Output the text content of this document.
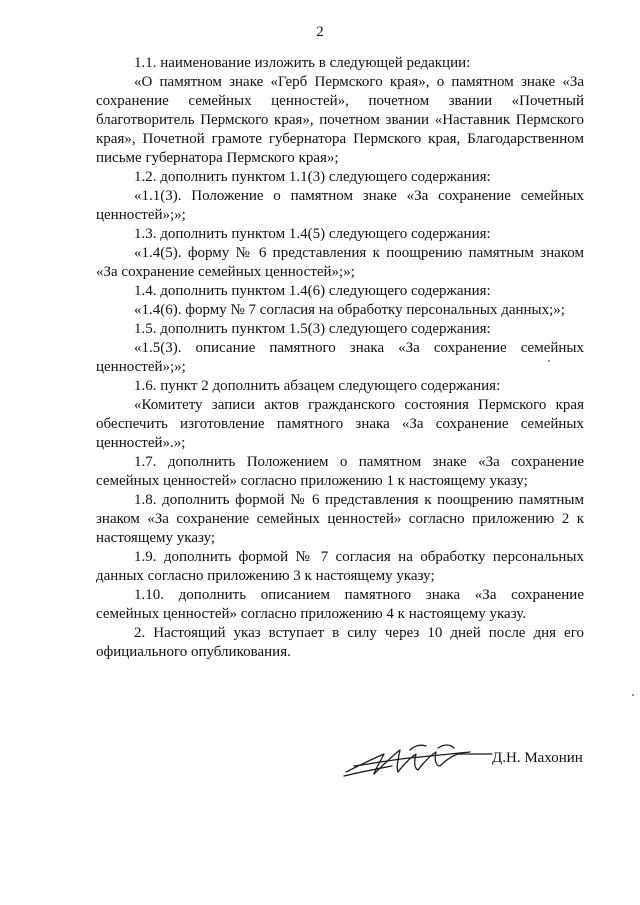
2

1.1. наименование изложить в следующей редакции:

«О памятном знаке «Герб Пермского края», о памятном знаке «За сохранение семейных ценностей», почетном звании «Почетный благотворитель Пермского края», почетном звании «Наставник Пермского края», Почетной грамоте губернатора Пермского края, Благодарственном письме губернатора Пермского края»;

1.2. дополнить пунктом 1.1(3) следующего содержания:

«1.1(3). Положение о памятном знаке «За сохранение семейных ценностей»;»;

1.3. дополнить пунктом 1.4(5) следующего содержания:

«1.4(5). форму № 6 представления к поощрению памятным знаком «За сохранение семейных ценностей»;»;

1.4. дополнить пунктом 1.4(6) следующего содержания:

«1.4(6). форму № 7 согласия на обработку персональных данных;»;

1.5. дополнить пунктом 1.5(3) следующего содержания:

«1.5(3). описание памятного знака «За сохранение семейных ценностей»;»;

1.6. пункт 2 дополнить абзацем следующего содержания:

«Комитету записи актов гражданского состояния Пермского края обеспечить изготовление памятного знака «За сохранение семейных ценностей».»;

1.7. дополнить Положением о памятном знаке «За сохранение семейных ценностей» согласно приложению 1 к настоящему указу;

1.8. дополнить формой № 6 представления к поощрению памятным знаком «За сохранение семейных ценностей» согласно приложению 2 к настоящему указу;

1.9. дополнить формой № 7 согласия на обработку персональных данных согласно приложению 3 к настоящему указу;

1.10. дополнить описанием памятного знака «За сохранение семейных ценностей» согласно приложению 4 к настоящему указу.

2. Настоящий указ вступает в силу через 10 дней после дня его официального опубликования.

Д.Н. Махонин
